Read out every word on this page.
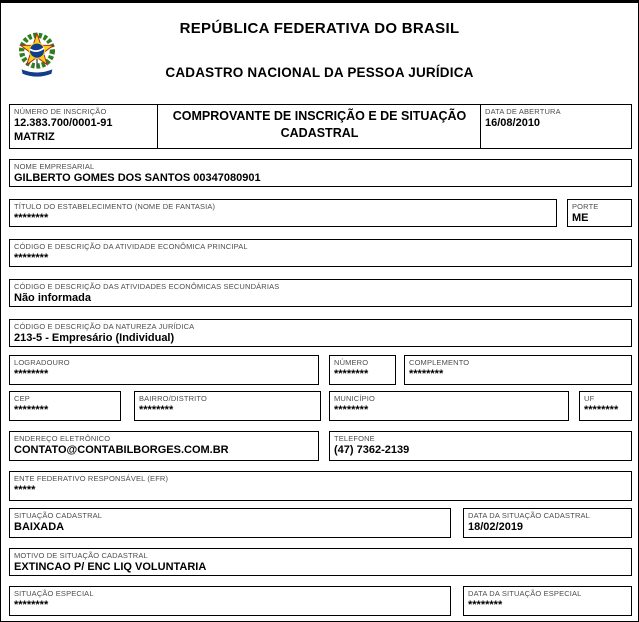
REPÚBLICA FEDERATIVA DO BRASIL
CADASTRO NACIONAL DA PESSOA JURÍDICA
NÚMERO DE INSCRIÇÃO
12.383.700/0001-91
MATRIZ
COMPROVANTE DE INSCRIÇÃO E DE SITUAÇÃO CADASTRAL
DATA DE ABERTURA
16/08/2010
NOME EMPRESARIAL
GILBERTO GOMES DOS SANTOS 00347080901
TÍTULO DO ESTABELECIMENTO (NOME DE FANTASIA)
********
PORTE
ME
CÓDIGO E DESCRIÇÃO DA ATIVIDADE ECONÔMICA PRINCIPAL
********
CÓDIGO E DESCRIÇÃO DAS ATIVIDADES ECONÔMICAS SECUNDÁRIAS
Não informada
CÓDIGO E DESCRIÇÃO DA NATUREZA JURÍDICA
213-5 - Empresário (Individual)
LOGRADOURO
********
NÚMERO
********
COMPLEMENTO
********
CEP
********
BAIRRO/DISTRITO
********
MUNICÍPIO
********
UF
********
ENDEREÇO ELETRÔNICO
CONTATO@CONTABILBORGES.COM.BR
TELEFONE
(47) 7362-2139
ENTE FEDERATIVO RESPONSÁVEL (EFR)
*****
SITUAÇÃO CADASTRAL
BAIXADA
DATA DA SITUAÇÃO CADASTRAL
18/02/2019
MOTIVO DE SITUAÇÃO CADASTRAL
EXTINCAO P/ ENC LIQ VOLUNTARIA
SITUAÇÃO ESPECIAL
********
DATA DA SITUAÇÃO ESPECIAL
********
